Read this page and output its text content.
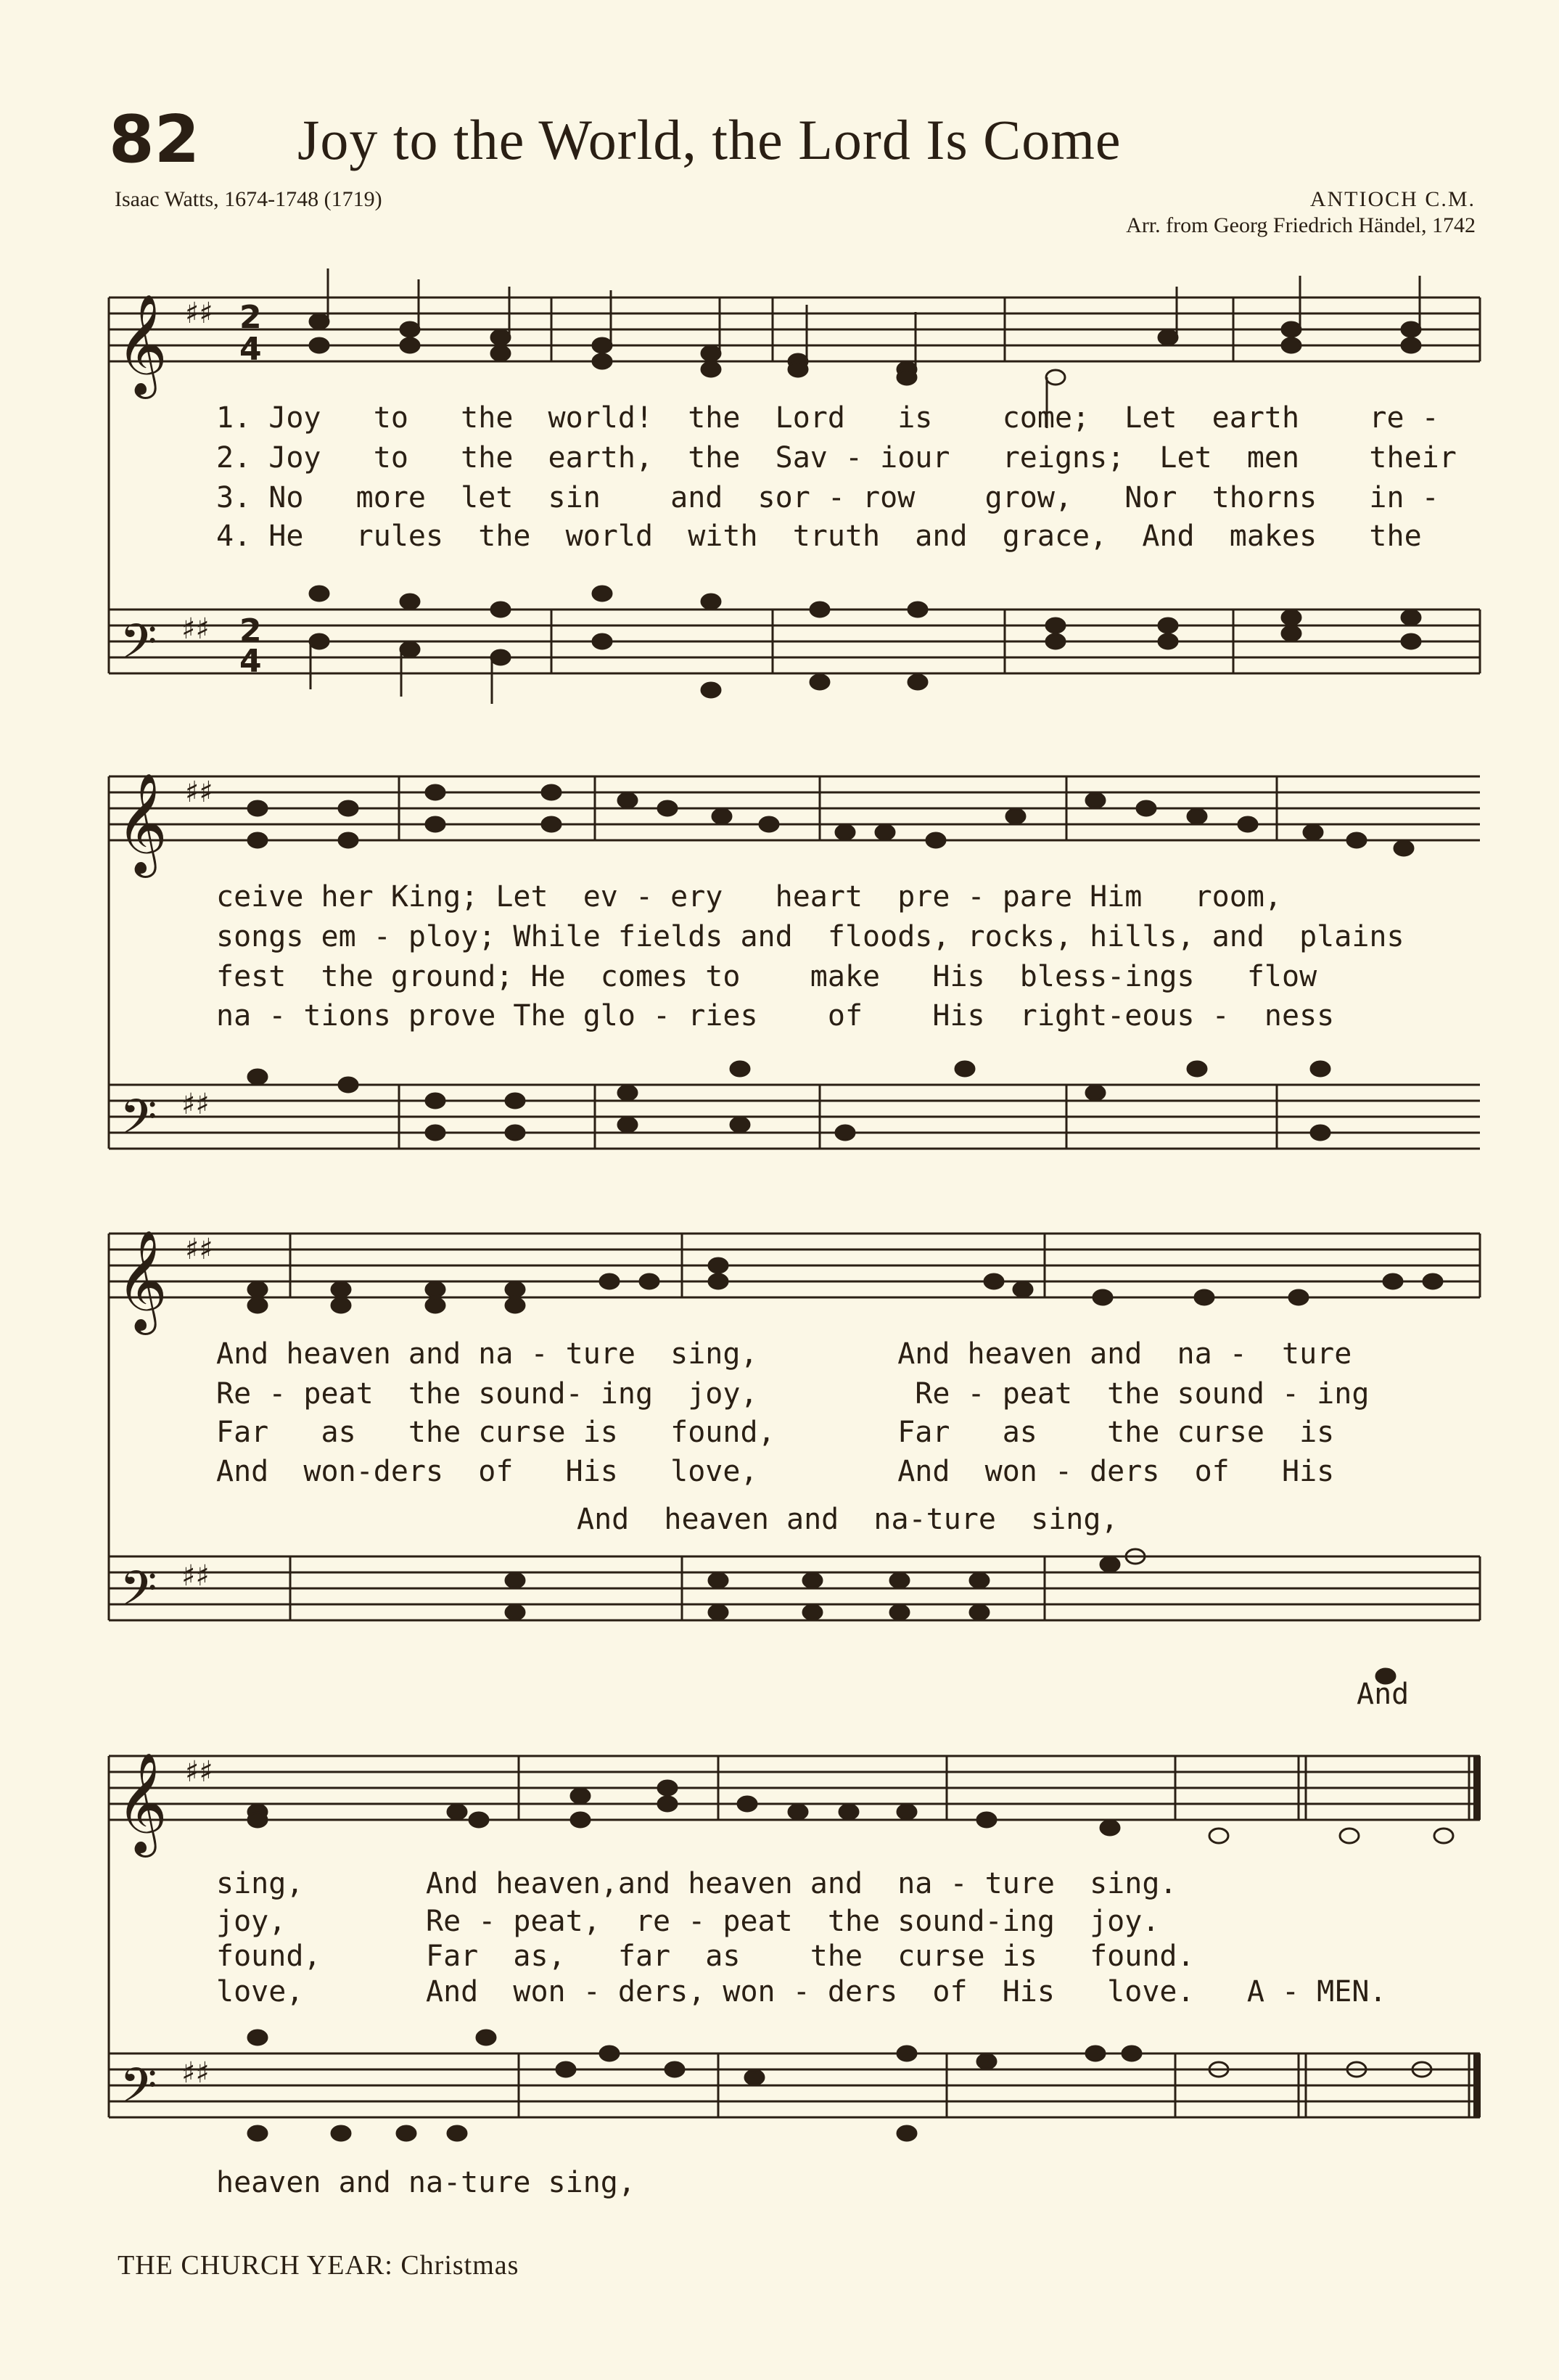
82 Joy to the World, the Lord Is Come
Isaac Watts, 1674-1748 (1719)	ANTIOCH C.M.
Arr. from Georg Friedrich Händel, 1742
𝄞
𝄢
♯♯
♯♯
2
4
2
4
𝄞
𝄢
♯♯
♯♯
𝄞
𝄢
♯♯
♯♯
𝄞
𝄢
♯♯
♯♯
1. Joy   to   the  world!  the  Lord   is    come;  Let  earth    re -
2. Joy   to   the  earth,  the  Sav - iour   reigns;  Let  men    their
3. No   more  let  sin    and  sor - row    grow,   Nor  thorns   in -
4. He   rules  the  world  with  truth  and  grace,  And  makes   the
ceive her King; Let  ev - ery   heart  pre - pare Him   room,
songs em - ploy; While fields and  floods, rocks, hills, and  plains
fest  the ground; He  comes to    make   His  bless-ings   flow
na - tions prove The glo - ries    of    His  right-eous -  ness
And heaven and na - ture  sing,        And heaven and  na -  ture
Re - peat  the sound- ing  joy,         Re - peat  the sound - ing
Far   as   the curse is   found,       Far   as    the curse  is
And  won-ders  of   His   love,        And  won - ders  of   His
And  heaven and  na-ture  sing,
And
sing,       And heaven,and heaven and  na - ture  sing.
joy,        Re - peat,  re - peat  the sound-ing  joy.
found,      Far  as,   far  as    the  curse is   found.
love,       And  won - ders, won - ders  of  His   love.   A - MEN.
heaven and na-ture sing,
THE CHURCH YEAR: Christmas
